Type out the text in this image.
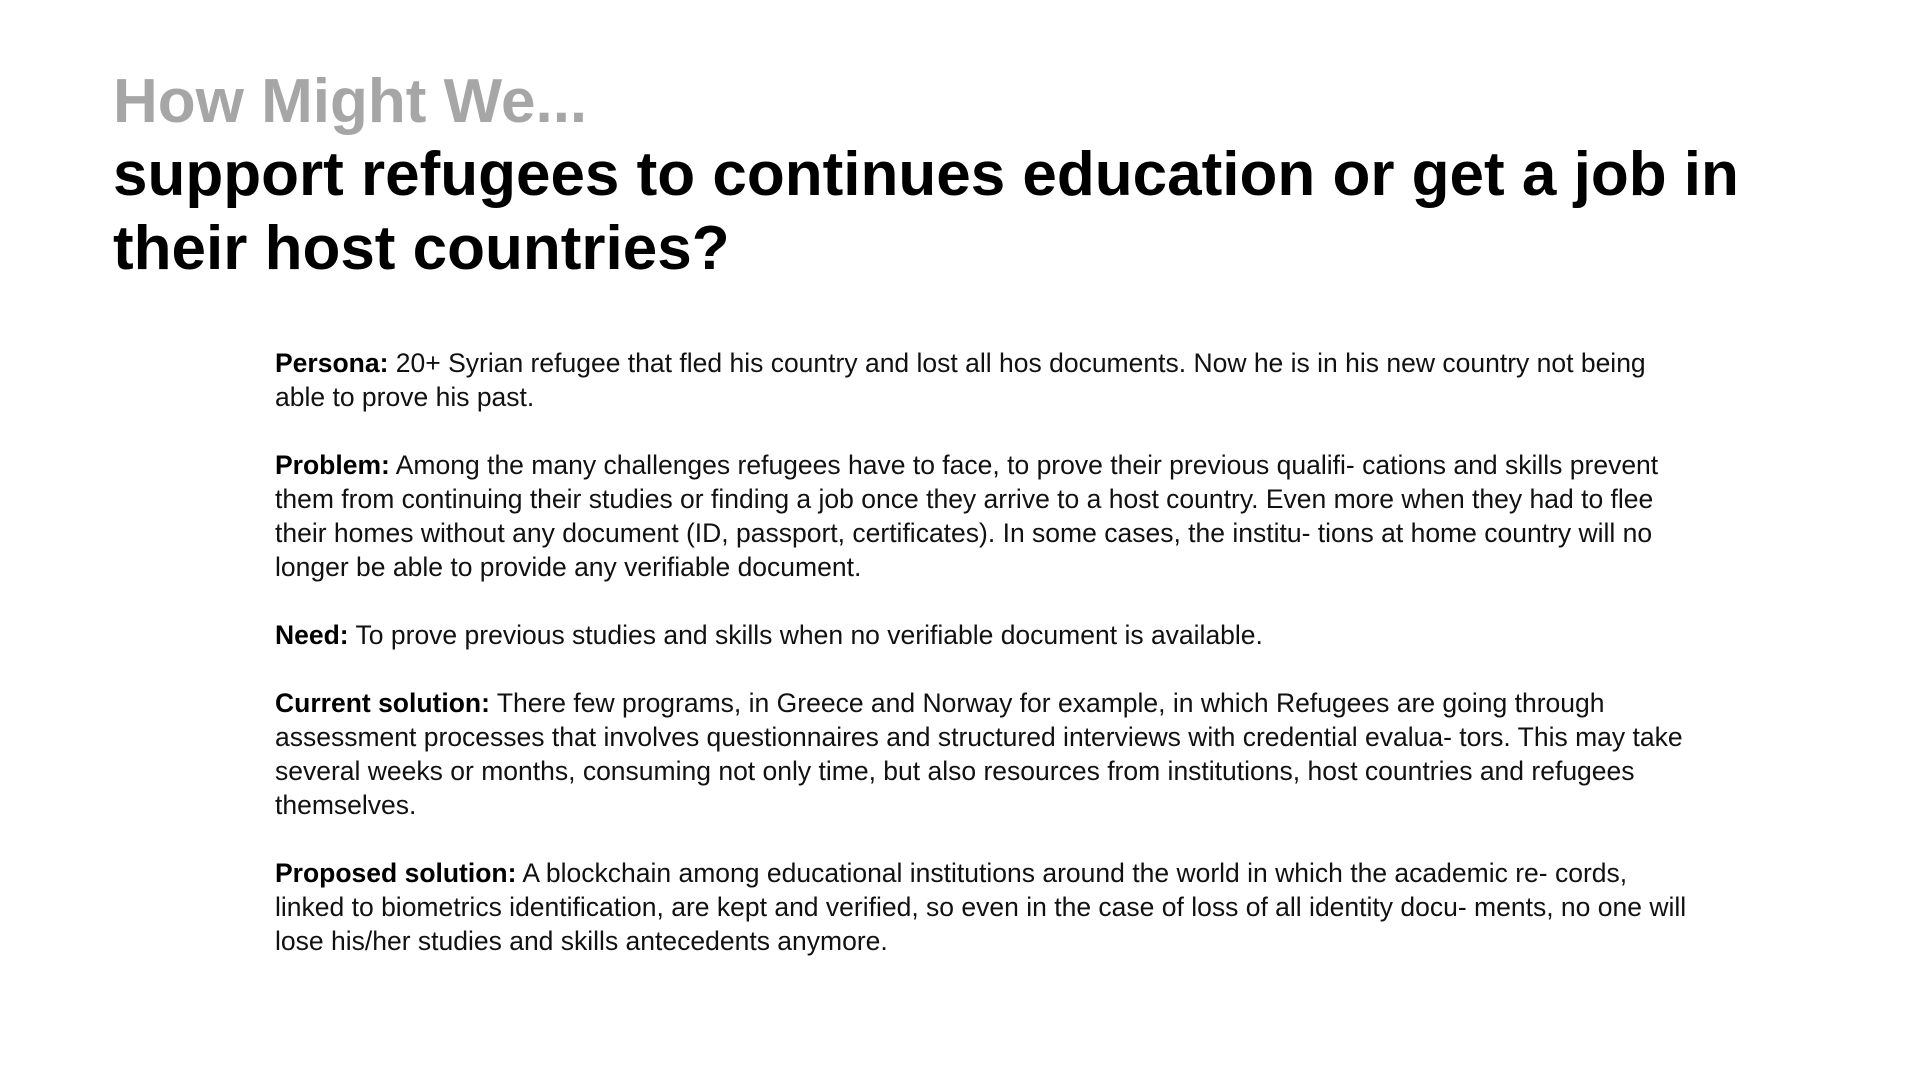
How Might We...
support refugees to continues education or get a job in their host countries?

Persona: 20+ Syrian refugee that fled his country and lost all hos documents. Now he is in his new country not being able to prove his past.

Problem: Among the many challenges refugees have to face, to prove their previous qualifi- cations and skills prevent them from continuing their studies or finding a job once they arrive to a host country. Even more when they had to flee their homes without any document (ID, passport, certificates). In some cases, the institu- tions at home country will no longer be able to provide any verifiable document.

Need: To prove previous studies and skills when no verifiable document is available.

Current solution: There few programs, in Greece and Norway for example, in which Refugees are going through assessment processes that involves questionnaires and structured interviews with credential evalua- tors. This may take several weeks or months, consuming not only time, but also resources from institutions, host countries and refugees themselves.

Proposed solution: A blockchain among educational institutions around the world in which the academic re- cords, linked to biometrics identification, are kept and verified, so even in the case of loss of all identity docu- ments, no one will lose his/her studies and skills antecedents anymore.
